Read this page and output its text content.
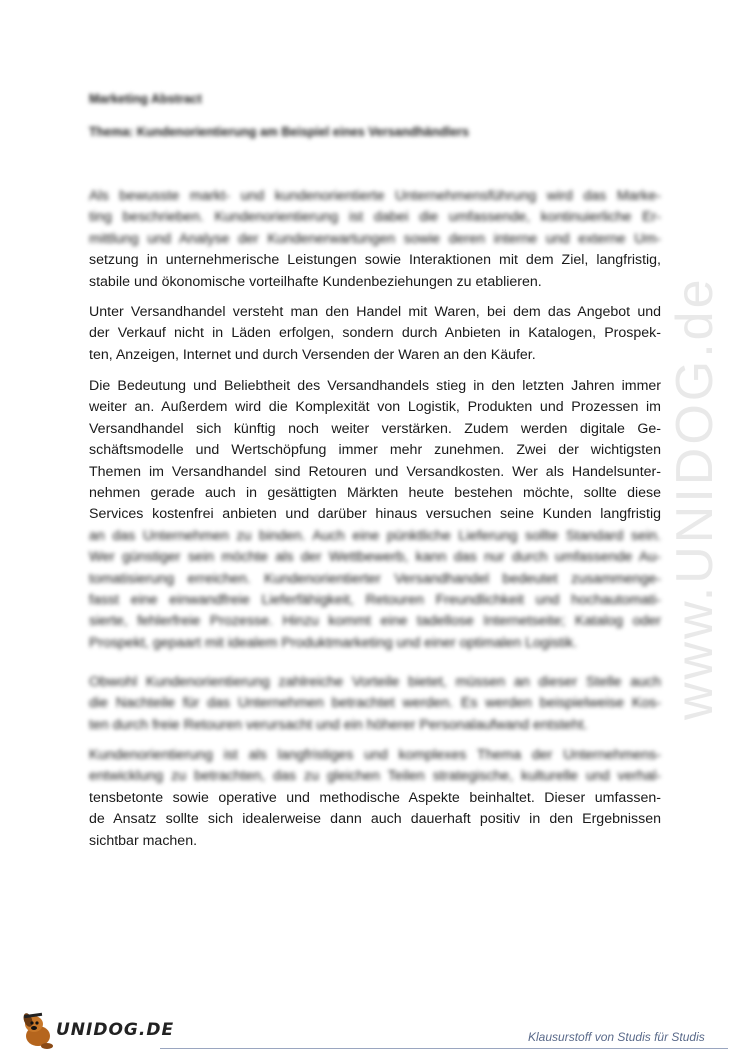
Marketing Abstract
Thema: Kundenorientierung am Beispiel eines Versandhändlers

Als bewusste markt- und kundenorientierte Unternehmensführung wird das Marke-
ting beschrieben. Kundenorientierung ist dabei die umfassende, kontinuierliche Er-
mittlung und Analyse der Kundenerwartungen sowie deren interne und externe Um-
setzung in unternehmerische Leistungen sowie Interaktionen mit dem Ziel, langfristig,
stabile und ökonomische vorteilhafte Kundenbeziehungen zu etablieren.

Unter Versandhandel versteht man den Handel mit Waren, bei dem das Angebot und
der Verkauf nicht in Läden erfolgen, sondern durch Anbieten in Katalogen, Prospek-
ten, Anzeigen, Internet und durch Versenden der Waren an den Käufer.

Die Bedeutung und Beliebtheit des Versandhandels stieg in den letzten Jahren immer
weiter an. Außerdem wird die Komplexität von Logistik, Produkten und Prozessen im
Versandhandel sich künftig noch weiter verstärken. Zudem werden digitale Ge-
schäftsmodelle und Wertschöpfung immer mehr zunehmen. Zwei der wichtigsten
Themen im Versandhandel sind Retouren und Versandkosten. Wer als Handelsunter-
nehmen gerade auch in gesättigten Märkten heute bestehen möchte, sollte diese
Services kostenfrei anbieten und darüber hinaus versuchen seine Kunden langfristig
an das Unternehmen zu binden. Auch eine pünktliche Lieferung sollte Standard sein.
Wer günstiger sein möchte als der Wettbewerb, kann das nur durch umfassende Au-
tomatisierung erreichen. Kundenorientierter Versandhandel bedeutet zusammenge-
fasst eine einwandfreie Lieferfähigkeit, Retouren Freundlichkeit und hochautomati-
sierte, fehlerfreie Prozesse. Hinzu kommt eine tadellose Internetseite; Katalog oder
Prospekt, gepaart mit idealem Produktmarketing und einer optimalen Logistik.

Obwohl Kundenorientierung zahlreiche Vorteile bietet, müssen an dieser Stelle auch
die Nachteile für das Unternehmen betrachtet werden. Es werden beispielweise Kos-
ten durch freie Retouren verursacht und ein höherer Personalaufwand entsteht.

Kundenorientierung ist als langfristiges und komplexes Thema der Unternehmens-
entwicklung zu betrachten, das zu gleichen Teilen strategische, kulturelle und verhal-
tensbetonte sowie operative und methodische Aspekte beinhaltet. Dieser umfassen-
de Ansatz sollte sich idealerweise dann auch dauerhaft positiv in den Ergebnissen
sichtbar machen.

www.UNIDOG.de
UNIDOG.DE	Klausurstoff von Studis für Studis
